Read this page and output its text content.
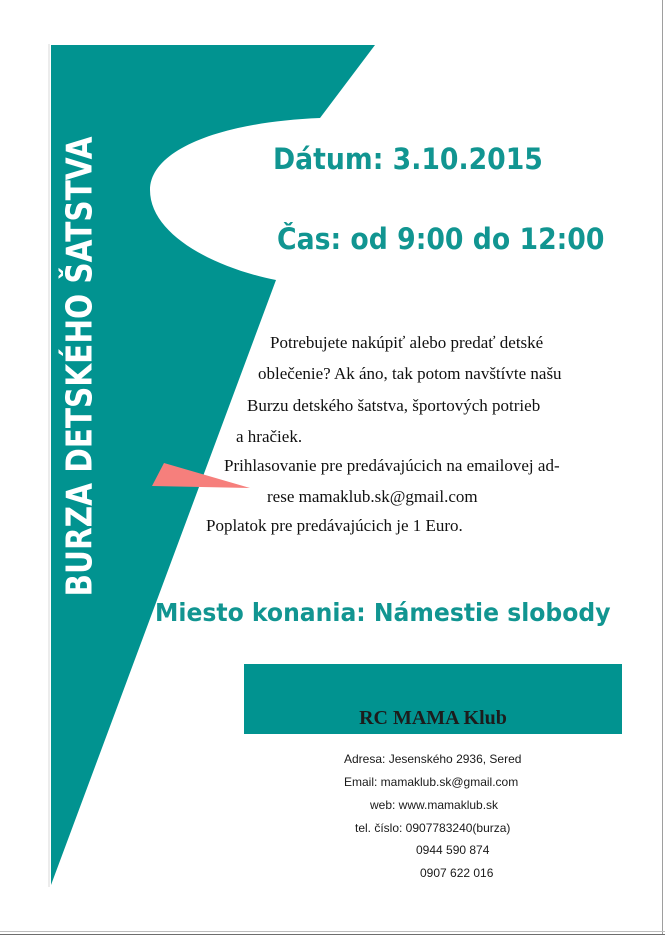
BURZA DETSKÉHO ŠATSTVA	Dátum: 3.10.2015
Čas: od 9:00 do 12:00
Potrebujete nakúpiť alebo predať detské
oblečenie? Ak áno, tak potom navštívte našu
Burzu detského šatstva, športových potrieb
a hračiek.
Prihlasovanie pre predávajúcich na emailovej ad-
rese mamaklub.sk@gmail.com
Poplatok pre predávajúcich je 1 Euro.
Miesto konania: Námestie slobody
RC MAMA Klub
Adresa: Jesenského 2936, Sered
Email: mamaklub.sk@gmail.com
web: www.mamaklub.sk
tel. číslo: 0907783240(burza)
0944 590 874
0907 622 016
